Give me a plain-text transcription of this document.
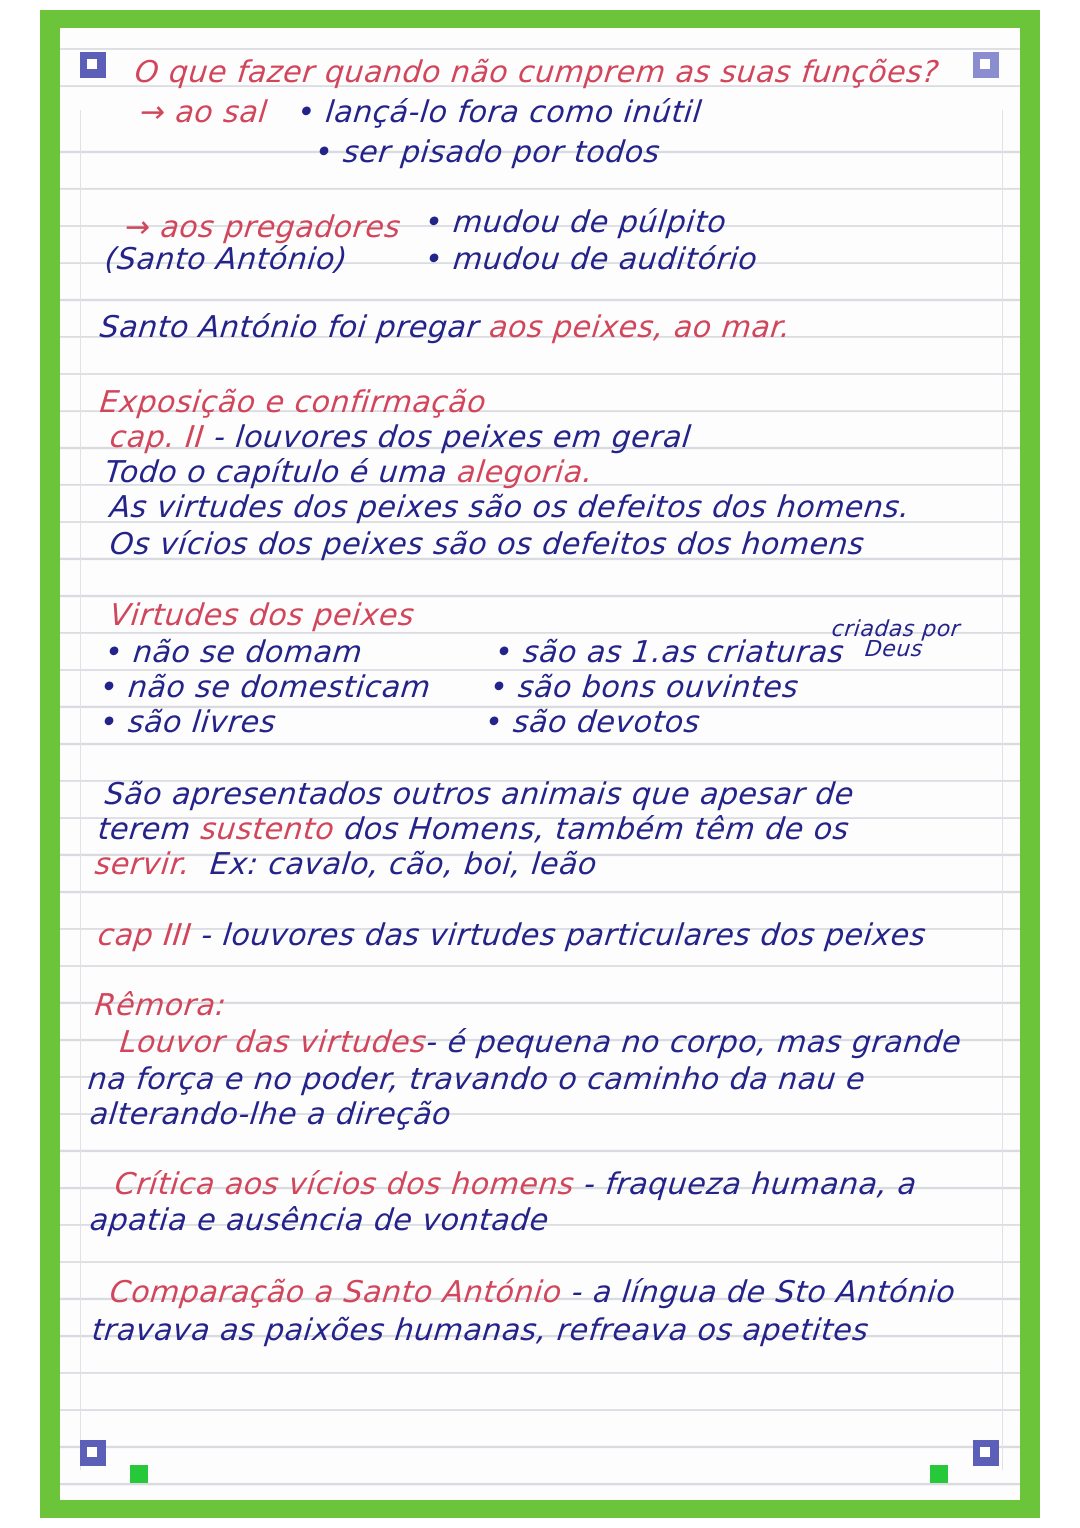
O que fazer quando não cumprem as suas funções?
→ ao sal • lançá-lo fora como inútil
• ser pisado por todos
→ aos pregadores • mudou de púlpito
(Santo António) • mudou de auditório
Santo António foi pregar aos peixes, ao mar.
Exposição e confirmação
cap. II - louvores dos peixes em geral
Todo o capítulo é uma alegoria.
As virtudes dos peixes são os defeitos dos homens.
Os vícios dos peixes são os defeitos dos homens
Virtudes dos peixes
• não se domam
• não se domesticam
• são livres
• são as 1.as criaturas
criadas por Deus
• são bons ouvintes
• são devotos
São apresentados outros animais que apesar de
terem sustento dos Homens, também têm de os
servir. Ex: cavalo, cão, boi, leão
cap III - louvores das virtudes particulares dos peixes
Rêmora:
Louvor das virtudes- é pequena no corpo, mas grande
na força e no poder, travando o caminho da nau e
alterando-lhe a direção
Crítica aos vícios dos homens - fraqueza humana, a
apatia e ausência de vontade
Comparação a Santo António - a língua de Sto António
travava as paixões humanas, refreava os apetites
